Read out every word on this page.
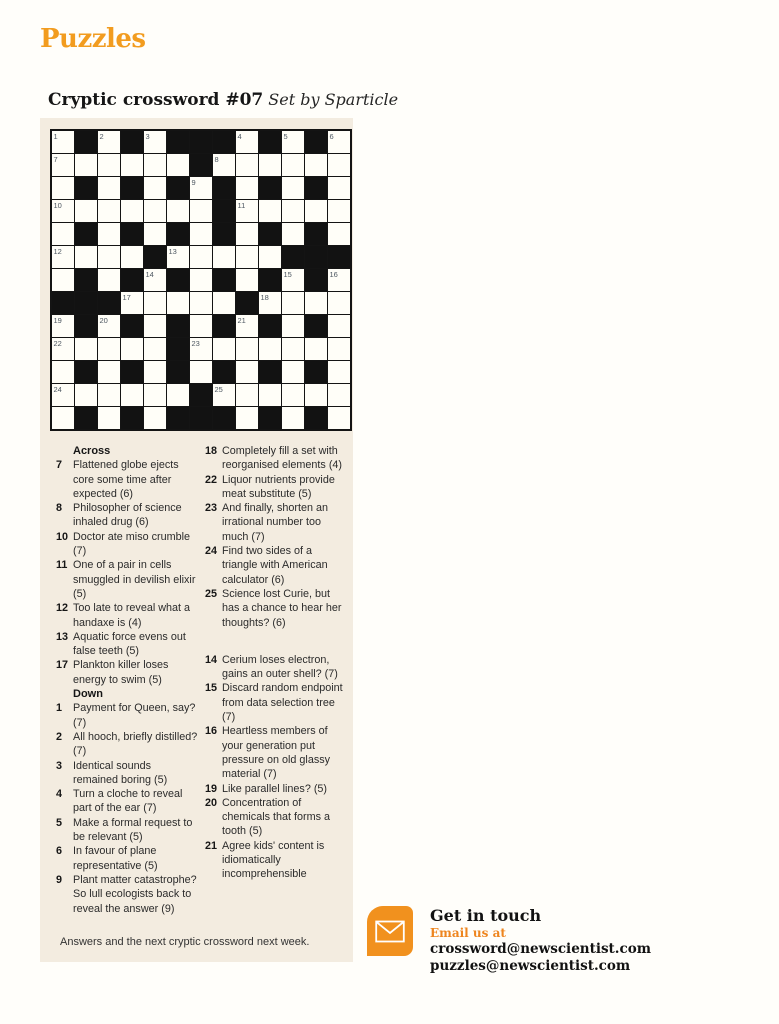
Puzzles
Cryptic crossword #07 Set by Sparticle
1	2	3	4	5	6
7	8
9
10	11
12	13
14	15	16
17	18
19	20	21
22	23
24	25
Across
7	Flattened globe ejects core some time after expected (6)
8	Philosopher of science inhaled drug (6)
10 Doctor ate miso crumble (7)
11 One of a pair in cells smuggled in devilish elixir (5)
12 Too late to reveal what a handaxe is (4)
13 Aquatic force evens out false teeth (5)
17 Plankton killer loses energy to swim (5)
Down
1	Payment for Queen, say? (7)
2	All hooch, briefly distilled? (7)
3	Identical sounds remained boring (5)
4	Turn a cloche to reveal part of the ear (7)
5	Make a formal request to be relevant (5)
6	In favour of plane representative (5)
9	Plant matter catastrophe? So lull ecologists back to reveal the answer (9)
18 Completely fill a set with reorganised elements (4)
22 Liquor nutrients provide meat substitute (5)
23 And finally, shorten an irrational number too much (7)
24 Find two sides of a triangle with American calculator (6)
25 Science lost Curie, but has a chance to hear her thoughts? (6)
14 Cerium loses electron, gains an outer shell? (7)
15 Discard random endpoint from data selection tree (7)
16 Heartless members of your generation put pressure on old glassy material (7)
19 Like parallel lines? (5)
20 Concentration of chemicals that forms a tooth (5)
21 Agree kids' content is idiomatically incomprehensible
Answers and the next cryptic crossword next week.
Get in touch
Email us at
crossword@newscientist.com
puzzles@newscientist.com
